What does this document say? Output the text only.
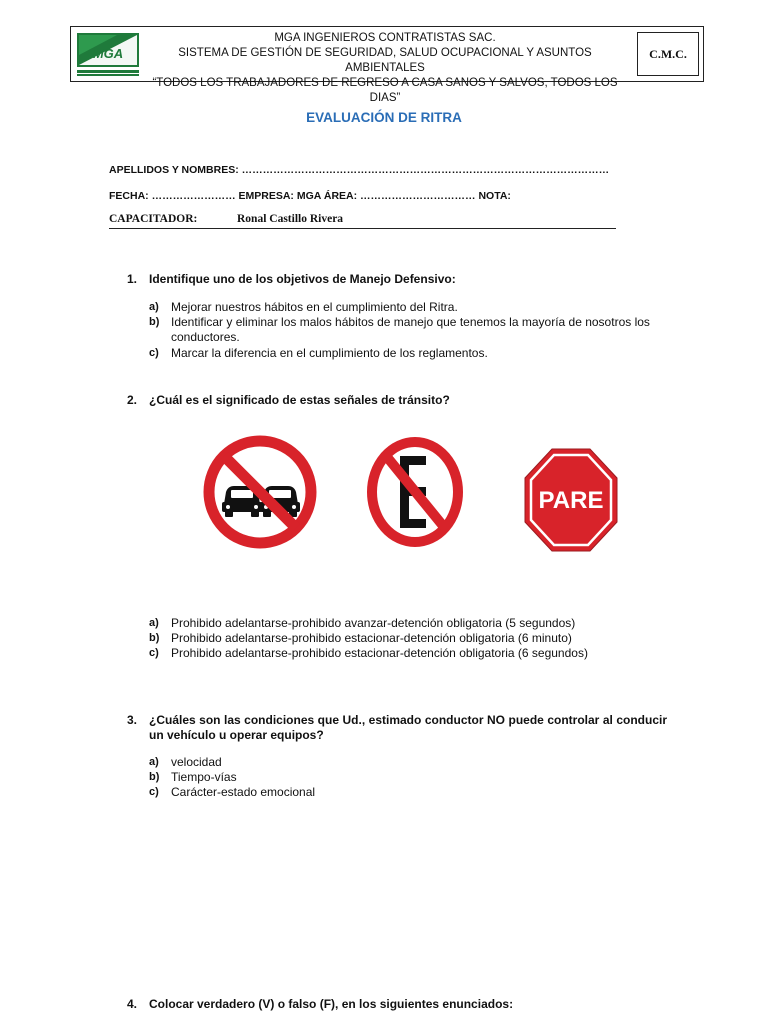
MGA
MGA INGENIEROS CONTRATISTAS SAC.
SISTEMA DE GESTIÓN DE SEGURIDAD, SALUD OCUPACIONAL Y ASUNTOS AMBIENTALES
“TODOS LOS TRABAJADORES DE REGRESO A CASA SANOS Y SALVOS, TODOS LOS DIAS”
C.M.C.
EVALUACIÓN DE RITRA
APELLIDOS Y NOMBRES: ……………………………………………………………………………………………
FECHA: …………………… EMPRESA: MGA ÁREA: …………………………… NOTA:
CAPACITADOR:	Ronal Castillo Rivera
1. Identifique uno de los objetivos de Manejo Defensivo:
a) Mejorar nuestros hábitos en el cumplimiento del Ritra.
b) Identificar y eliminar los malos hábitos de manejo que tenemos la mayoría de nosotros los conductores.
c) Marcar la diferencia en el cumplimiento de los reglamentos.
2. ¿Cuál es el significado de estas señales de tránsito?
PARE
a) Prohibido adelantarse-prohibido avanzar-detención obligatoria (5 segundos)
b) Prohibido adelantarse-prohibido estacionar-detención obligatoria (6 minuto)
c) Prohibido adelantarse-prohibido estacionar-detención obligatoria (6 segundos)
3. ¿Cuáles son las condiciones que Ud., estimado conductor NO puede controlar al conducir un vehículo u operar equipos?
a) velocidad
b) Tiempo-vías
c) Carácter-estado emocional
4. Colocar verdadero (V) o falso (F), en los siguientes enunciados:
